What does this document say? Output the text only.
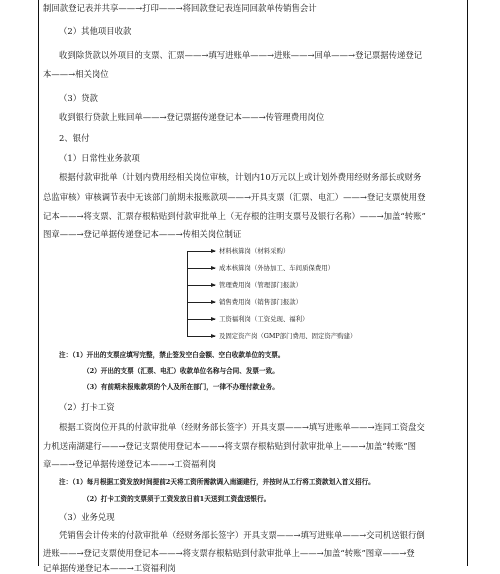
制回款登记表并共享——→打印——→将回款登记表连同回款单传销售会计
（2）其他项目收款
收到除货款以外项目的支票、汇票——→填写进账单——→进账——→回单——→登记票据传递登记
本——→相关岗位
（3）贷款
收到银行贷款上账回单——→登记票据传递登记本——→传管理费用岗位
2、银付
（1）日常性业务款项
根据付款审批单（计划内费用经相关岗位审核，计划内10万元以上或计划外费用经财务部长或财务
总监审核）审核调节表中无该部门前期未报账款项——→开具支票（汇票、电汇）——→登记支票使用登
记本——→将支票、汇票存根粘贴到付款审批单上（无存根的注明支票号及银行名称）——→加盖“转账”
图章——→登记单据传递登记本——→传相关岗位制证
材料核算岗（材料采购）
成本核算岗（外协加工、车间质保费用）
管理费用岗（管理部门报款）
销售费用岗（销售部门报款）
工资福利岗（工资兑现、福利）
及固定资产岗（GMP部门费用、固定资产购建）
注：（1）开出的支票应填写完整，禁止签发空白金额、空白收款单位的支票。
（2）开出的支票（汇票、电汇）收款单位名称与合同、发票一致。
（3）有前期未报账款项的个人及所在部门，一律不办理付款业务。
（2）打卡工资
根据工资岗位开具的付款审批单（经财务部长签字）开具支票——→填写进账单——→连同工资盘交
力机送南湖建行——→登记支票使用登记本——→将支票存根粘贴到付款审批单上——→加盖“转账”图
章——→登记单据传递登记本——→工资福利岗
注：（1）每月根据工资发放时间提前2天将工资所需款调入南湖建行，并按时从工行将工资款划入首义招行。
（2）打卡工资的支票须于工资发放日前1天送到工资盘送银行。
（3）业务兑现
凭销售会计传来的付款审批单（经财务部长签字）开具支票——→填写进账单——→交司机送银行倒
进账——→登记支票使用登记本——→将支票存根粘贴到付款审批单上——→加盖“转账”图章——→登
记单据传递登记本——→工资福利岗
